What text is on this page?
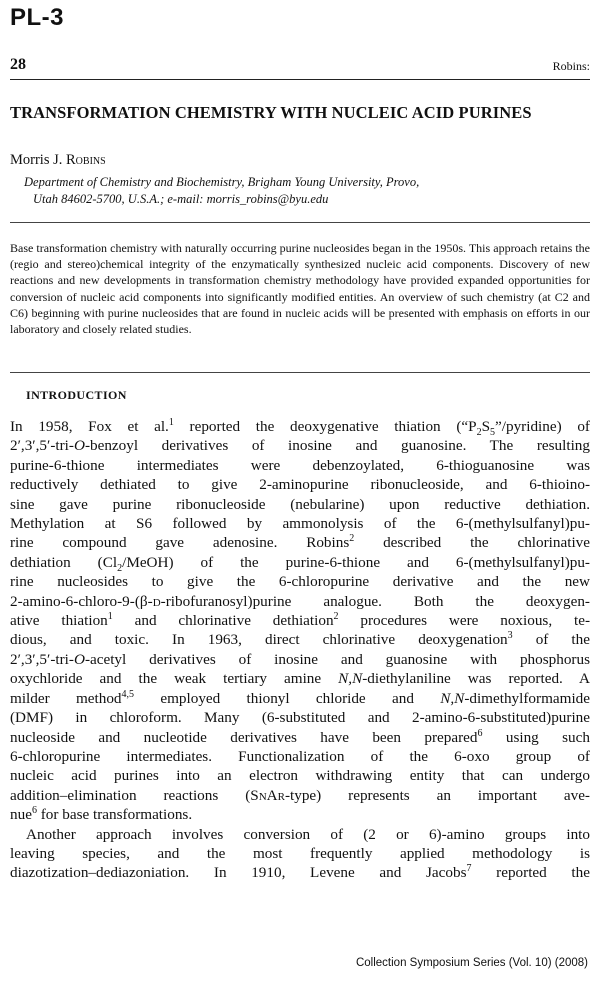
PL-3
28	Robins:
TRANSFORMATION CHEMISTRY WITH NUCLEIC ACID PURINES
Morris J. Robins
Department of Chemistry and Biochemistry, Brigham Young University, Provo,
Utah 84602-5700, U.S.A.; e-mail: morris_robins@byu.edu
Base transformation chemistry with naturally occurring purine nucleosides began in the 1950s. This approach retains the (regio and stereo)chemical integrity of the enzymatically synthesized nucleic acid components. Discovery of new reactions and new developments in transformation chemistry methodology have provided expanded opportunities for conversion of nucleic acid components into significantly modified entities. An overview of such chemistry (at C2 and C6) beginning with purine nucleosides that are found in nucleic acids will be presented with emphasis on efforts in our laboratory and closely related studies.
INTRODUCTION
In 1958, Fox et al.$^1$ reported the deoxygenative thiation $(“P_2S_5”/pyridine)$ of
2′,3′,5′-tri-O-benzoyl derivatives of inosine and guanosine. The resulting
purine-6-thione intermediates were debenzoylated, 6-thioguanosine was
reductively dethiated to give 2-aminopurine ribonucleoside, and 6-thioino-
sine gave purine ribonucleoside (nebularine) upon reductive dethiation.
Methylation at S6 followed by ammonolysis of the 6-(methylsulfanyl)pu-
rine compound gave adenosine. Robins$^2$ described the chlorinative
dethiation $(Cl_2/MeOH)$ of the purine-6-thione and 6-(methylsulfanyl)pu-
rine nucleosides to give the 6-chloropurine derivative and the new
2-amino-6-chloro-9-(β-d-ribofuranosyl)purine analogue. Both the deoxygen-
ative thiation$^1$ and chlorinative dethiation$^2$ procedures were noxious, te-
dious, and toxic. In 1963, direct chlorinative deoxygenation$^3$ of the
2′,3′,5′-tri-O-acetyl derivatives of inosine and guanosine with phosphorus
oxychloride and the weak tertiary amine N,N-diethylaniline was reported. A
milder method$^{4,5}$ employed thionyl chloride and N,N-dimethylformamide
(DMF) in chloroform. Many (6-substituted and 2-amino-6-substituted)purine
nucleoside and nucleotide derivatives have been prepared$^6$ using such
6-chloropurine intermediates. Functionalization of the 6-oxo group of
nucleic acid purines into an electron withdrawing entity that can undergo
addition–elimination reactions (SnAr-type) represents an important ave-
nue$^6$ for base transformations.
Another approach involves conversion of (2 or 6)-amino groups into
leaving species, and the most frequently applied methodology is
diazotization–dediazoniation. In 1910, Levene and Jacobs$^7$ reported the
Collection Symposium Series (Vol. 10) (2008)
